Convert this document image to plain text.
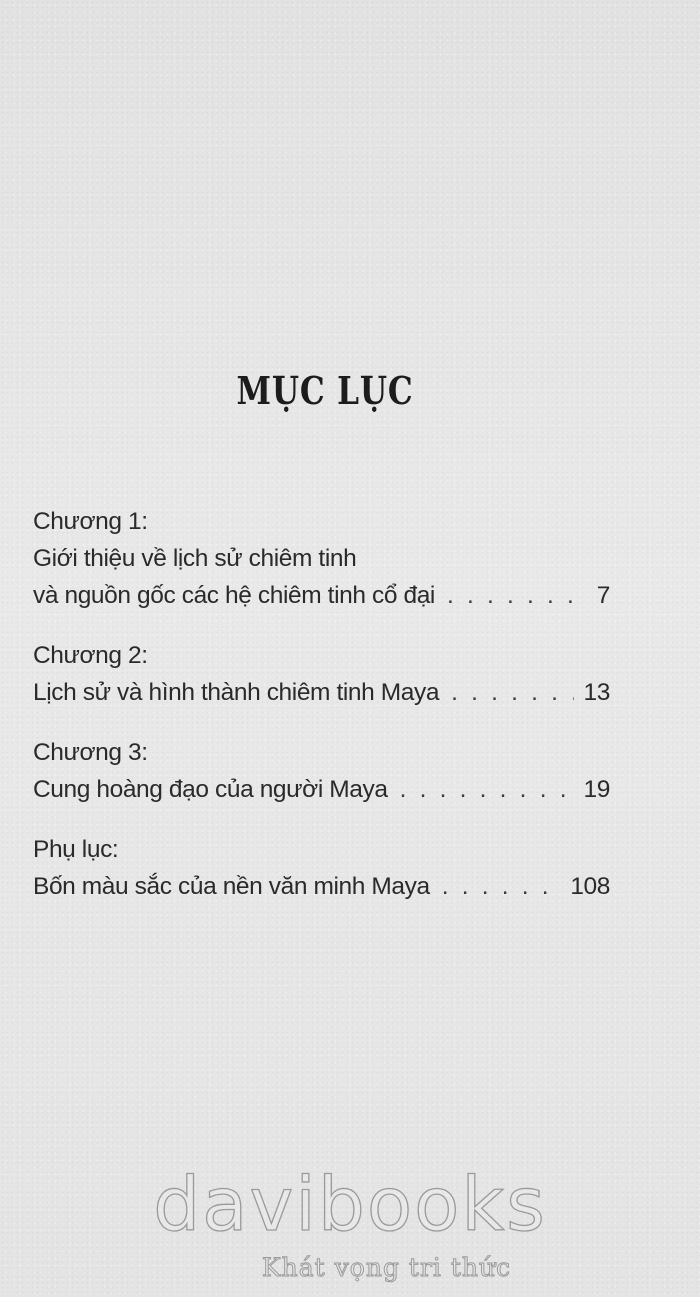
MỤC LỤC
Chương 1:
Giới thiệu về lịch sử chiêm tinh
và nguồn gốc các hệ chiêm tinh cổ đại . . .	7
Chương 2:
Lịch sử và hình thành chiêm tinh Maya . . .	13
Chương 3:
Cung hoàng đạo của người Maya . . .	19
Phụ lục:
Bốn màu sắc của nền văn minh Maya . . .	108
davibooks
Khát vọng tri thức
